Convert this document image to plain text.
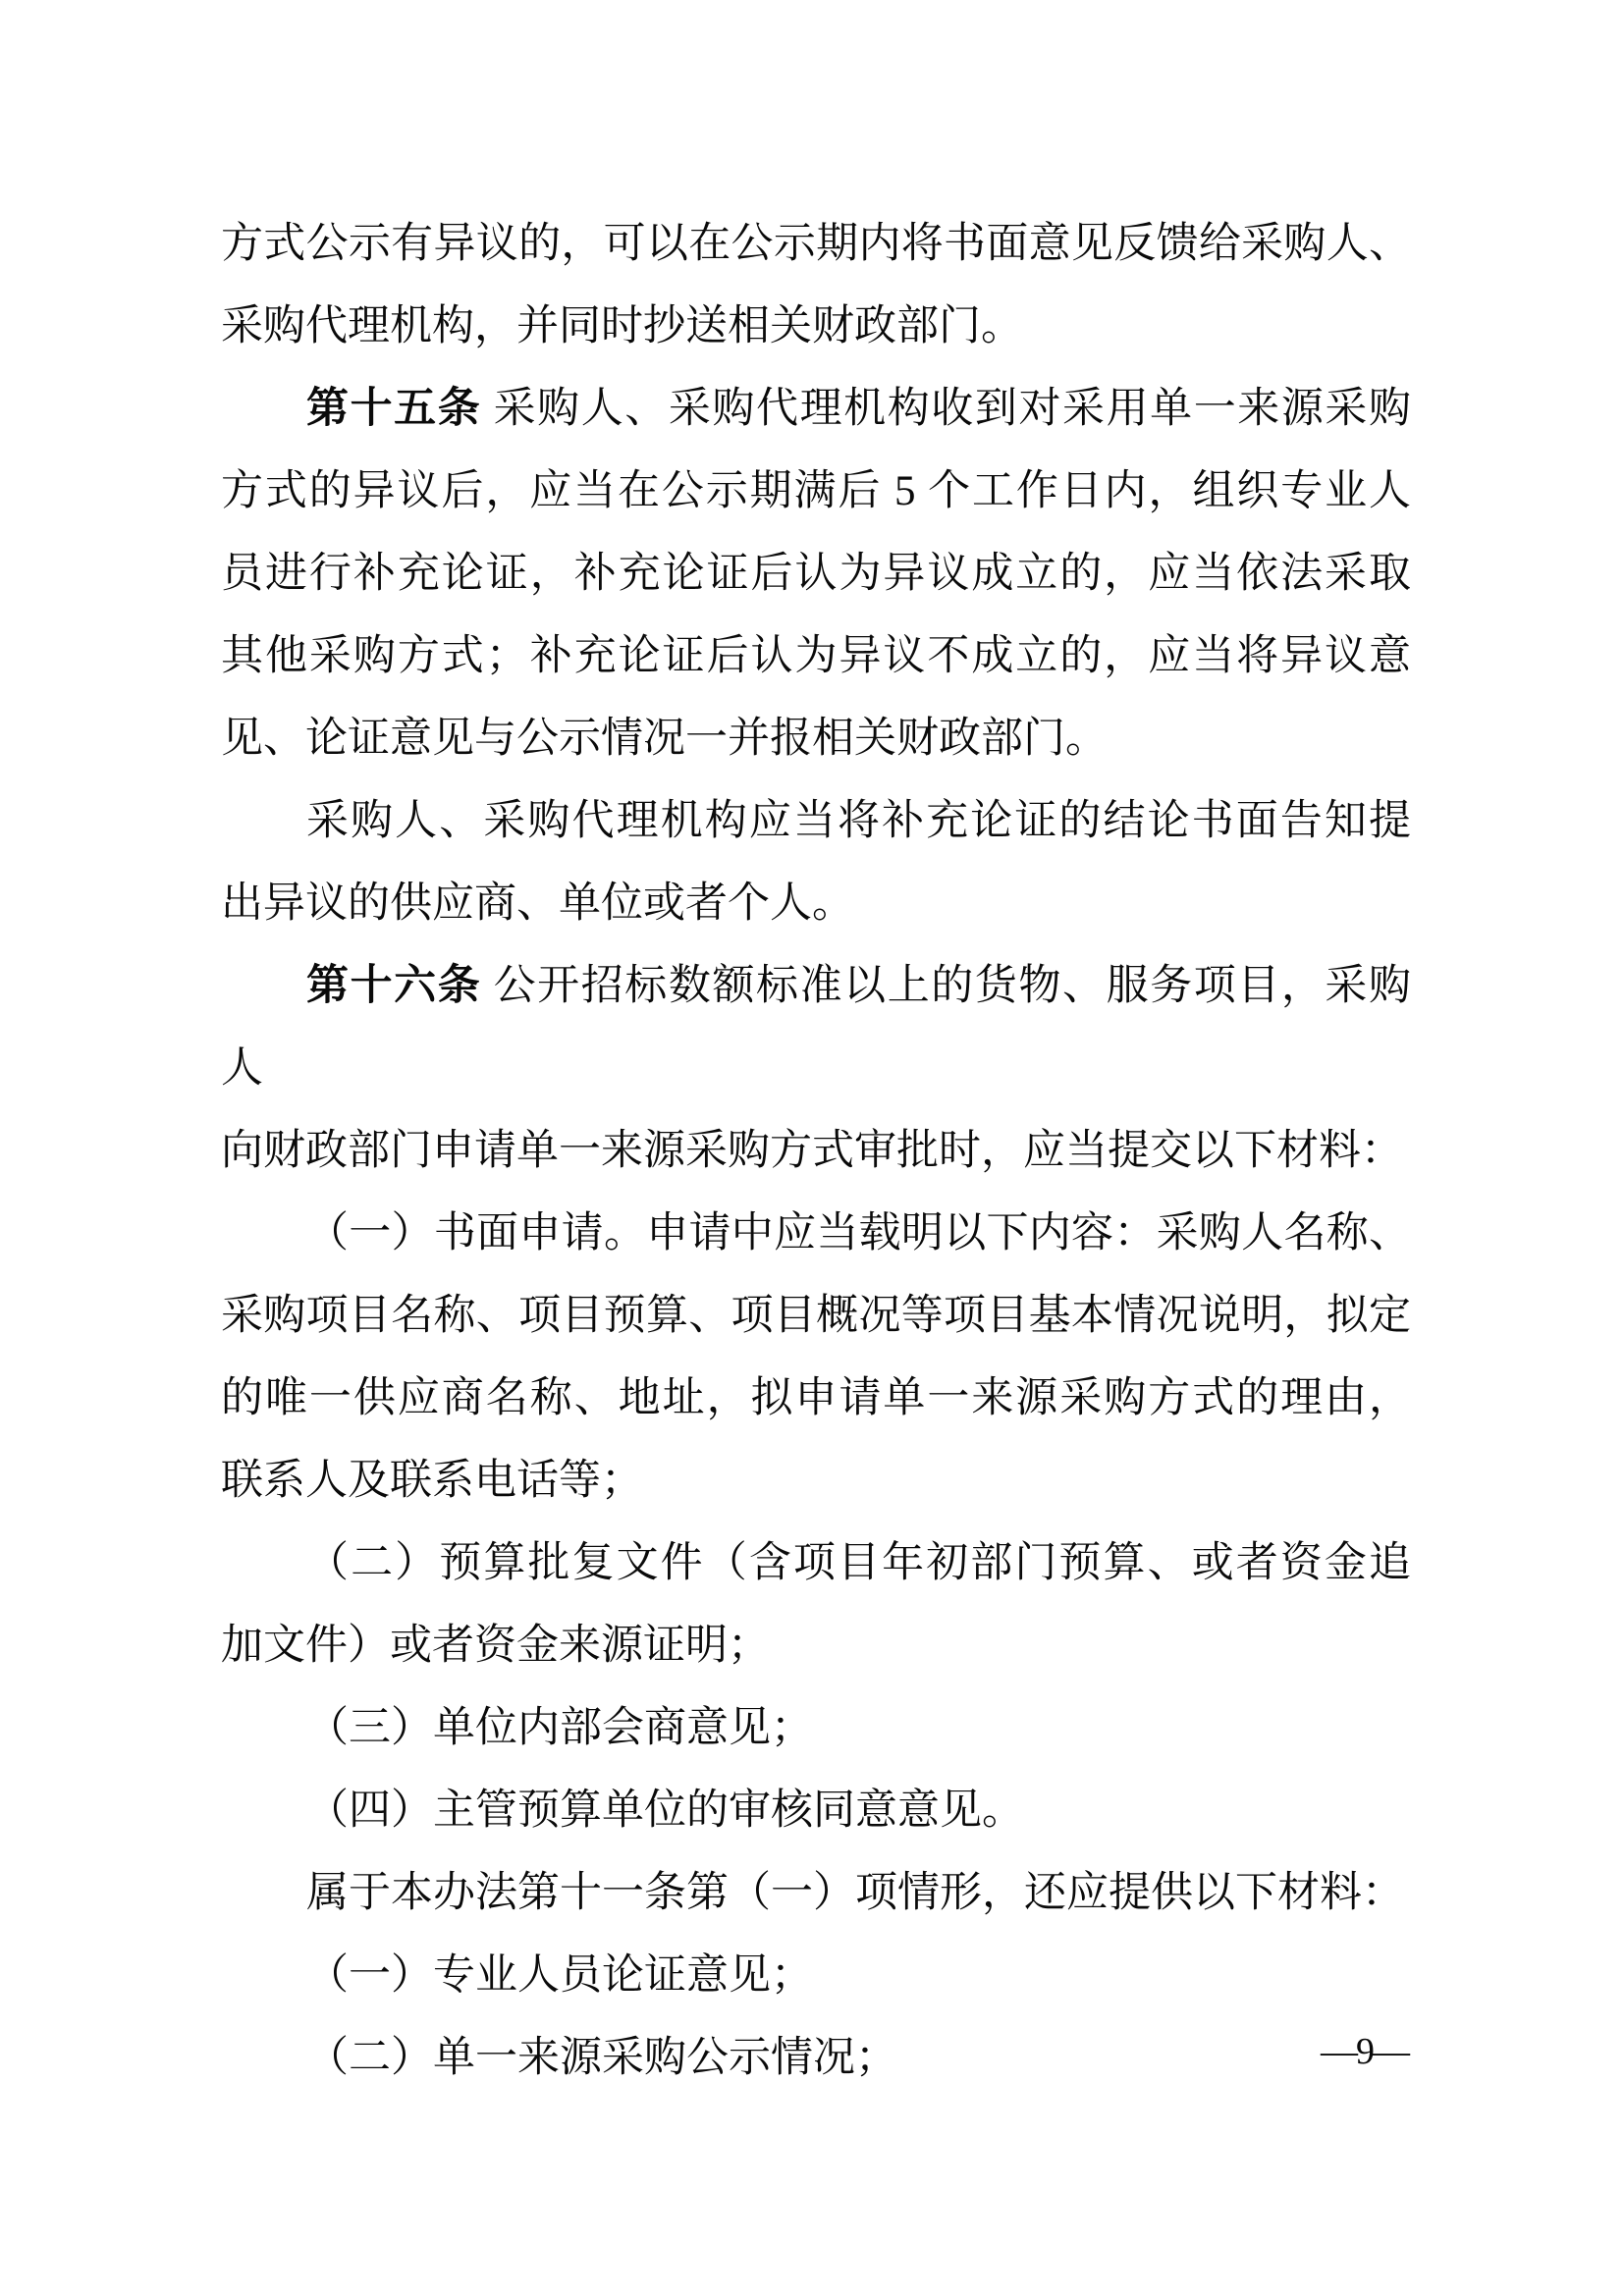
方式公示有异议的，可以在公示期内将书面意见反馈给采购人、
采购代理机构，并同时抄送相关财政部门。

第十五条 采购人、采购代理机构收到对采用单一来源采购
方式的异议后，应当在公示期满后 5 个工作日内，组织专业人
员进行补充论证，补充论证后认为异议成立的，应当依法采取
其他采购方式；补充论证后认为异议不成立的，应当将异议意
见、论证意见与公示情况一并报相关财政部门。

采购人、采购代理机构应当将补充论证的结论书面告知提
出异议的供应商、单位或者个人。

第十六条 公开招标数额标准以上的货物、服务项目，采购人
向财政部门申请单一来源采购方式审批时，应当提交以下材料：

（一）书面申请。申请中应当载明以下内容：采购人名称、
采购项目名称、项目预算、项目概况等项目基本情况说明，拟定
的唯一供应商名称、地址，拟申请单一来源采购方式的理由，
联系人及联系电话等；

（二）预算批复文件（含项目年初部门预算、或者资金追
加文件）或者资金来源证明；

（三）单位内部会商意见；

（四）主管预算单位的审核同意意见。

属于本办法第十一条第（一）项情形，还应提供以下材料：

（一）专业人员论证意见；

（二）单一来源采购公示情况；	—9—
